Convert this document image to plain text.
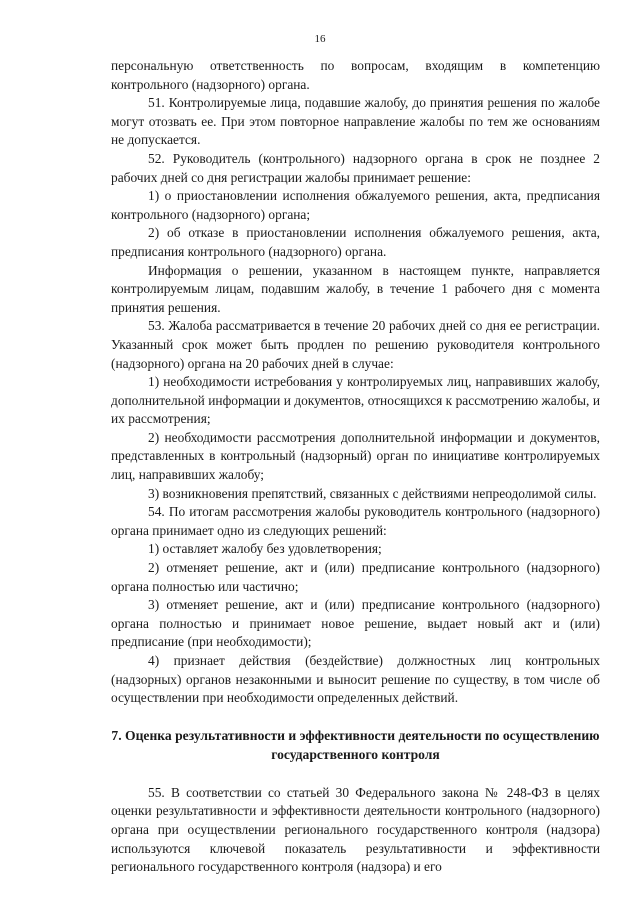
16

персональную ответственность по вопросам, входящим в компетенцию контрольного (надзорного) органа.

51. Контролируемые лица, подавшие жалобу, до принятия решения по жалобе могут отозвать ее. При этом повторное направление жалобы по тем же основаниям не допускается.

52. Руководитель (контрольного) надзорного органа в срок не позднее 2 рабочих дней со дня регистрации жалобы принимает решение:

1) о приостановлении исполнения обжалуемого решения, акта, предписания контрольного (надзорного) органа;

2) об отказе в приостановлении исполнения обжалуемого решения, акта, предписания контрольного (надзорного) органа.

Информация о решении, указанном в настоящем пункте, направляется контролируемым лицам, подавшим жалобу, в течение 1 рабочего дня с момента принятия решения.

53. Жалоба рассматривается в течение 20 рабочих дней со дня ее регистрации. Указанный срок может быть продлен по решению руководителя контрольного (надзорного) органа на 20 рабочих дней в случае:

1) необходимости истребования у контролируемых лиц, направивших жалобу, дополнительной информации и документов, относящихся к рассмотрению жалобы, и их рассмотрения;

2) необходимости рассмотрения дополнительной информации и документов, представленных в контрольный (надзорный) орган по инициативе контролируемых лиц, направивших жалобу;

3) возникновения препятствий, связанных с действиями непреодолимой силы.

54. По итогам рассмотрения жалобы руководитель контрольного (надзорного) органа принимает одно из следующих решений:

1) оставляет жалобу без удовлетворения;

2) отменяет решение, акт и (или) предписание контрольного (надзорного) органа полностью или частично;

3) отменяет решение, акт и (или) предписание контрольного (надзорного) органа полностью и принимает новое решение, выдает новый акт и (или) предписание (при необходимости);

4) признает действия (бездействие) должностных лиц контрольных (надзорных) органов незаконными и выносит решение по существу, в том числе об осуществлении при необходимости определенных действий.

7. Оценка результативности и эффективности деятельности по осуществлению государственного контроля

55. В соответствии со статьей 30 Федерального закона № 248-ФЗ в целях оценки результативности и эффективности деятельности контрольного (надзорного) органа при осуществлении регионального государственного контроля (надзора) используются ключевой показатель результативности и эффективности регионального государственного контроля (надзора) и его
